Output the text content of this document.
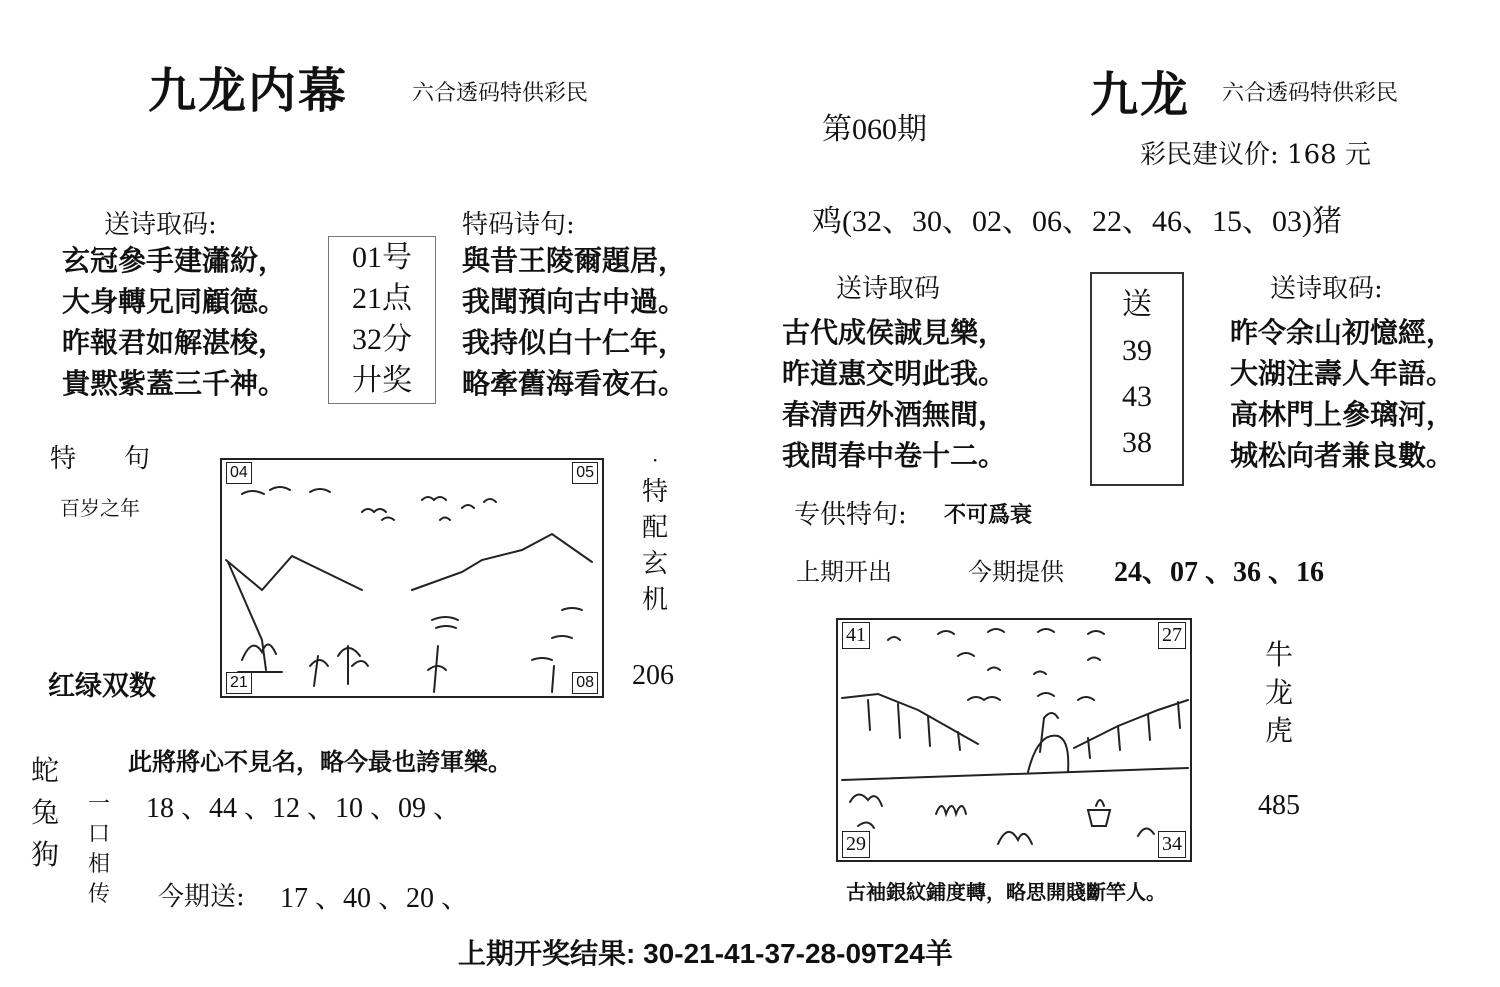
九龙内幕	六合透码特供彩民
送诗取码:
玄冠參手建瀟紛，
大身轉兄同顧德。
昨報君如解湛梭，
貴黙紫蓋三千神。
01号
21点
32分
廾奖
特码诗句:
與昔王陵爾題居，
我聞預向古中過。
我持似白十仁年，
略牽舊海看夜石。
特 句
百岁之年
04	05
21	08
·
特
配
玄
机
红绿双数	206
此將將心不見名，略今最也誇軍樂。
蛇
兔
狗
一
口
相
传
18 、44 、12 、10 、09 、
今期送: 17 、40 、20 、
第060期
九龙 六合透码特供彩民
彩民建议价: 168 元
鸡(32、30、02、06、22、46、15、03)猪
送诗取码
古代成侯誠見樂，
昨道惠交明此我。
春清西外酒無間，
我問春中卷十二。
送
39
43
38
送诗取码:
昨令余山初憶經，
大湖注壽人年語。
高林門上參璃河，
城松向者兼良數。
专供特句: 不可爲衰
上期开出	今期提供 24、07 、36 、16
41	27
29	34
牛
龙
虎
485
古袖銀紋鋪度轉，略思開賤斷竿人。
上期开奖结果: 30-21-41-37-28-09T24羊
